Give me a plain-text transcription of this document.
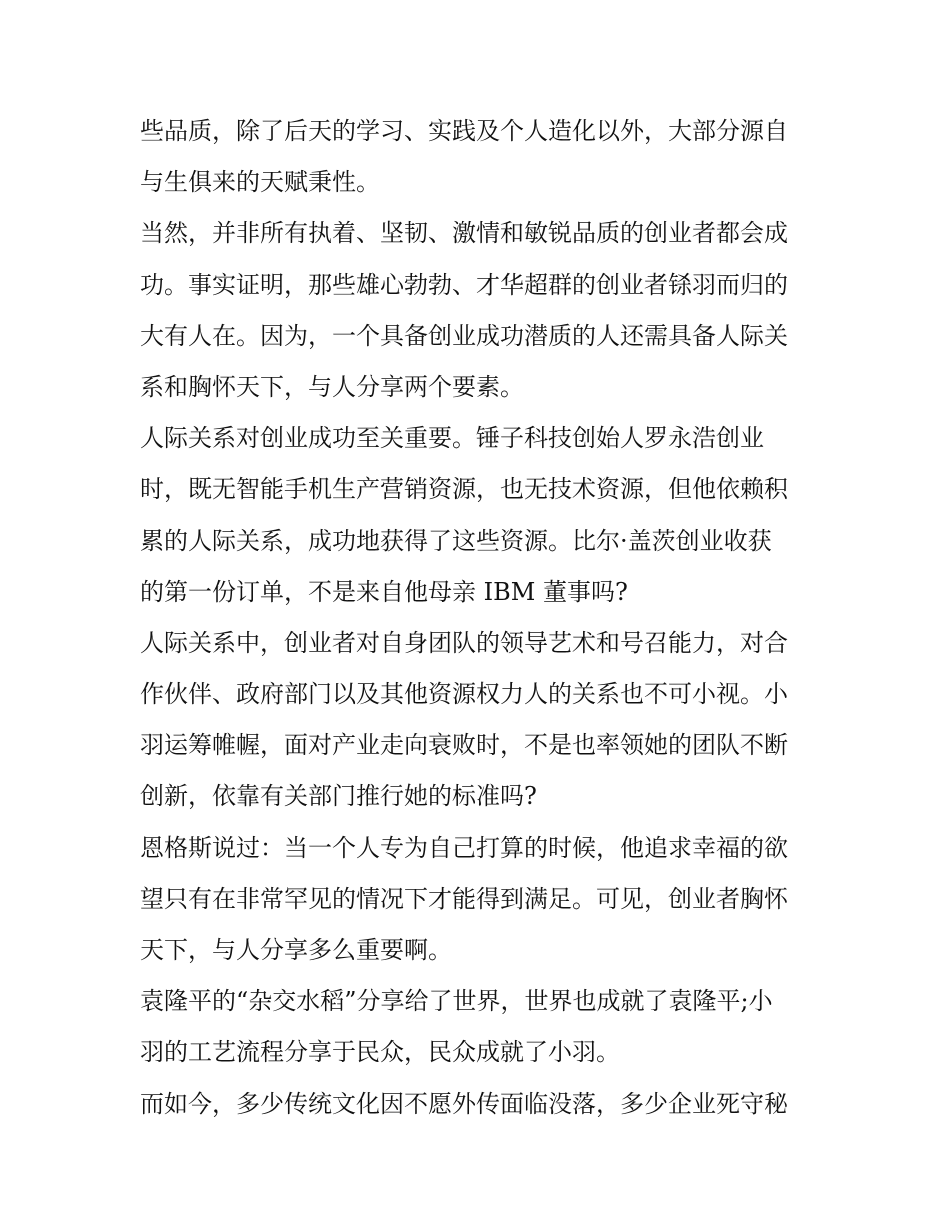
些品质，除了后天的学习、实践及个人造化以外，大部分源自
与生俱来的天赋秉性。
当然，并非所有执着、坚韧、激情和敏锐品质的创业者都会成
功。事实证明，那些雄心勃勃、才华超群的创业者铩羽而归的
大有人在。因为，一个具备创业成功潜质的人还需具备人际关
系和胸怀天下，与人分享两个要素。
人际关系对创业成功至关重要。锤子科技创始人罗永浩创业
时，既无智能手机生产营销资源，也无技术资源，但他依赖积
累的人际关系，成功地获得了这些资源。比尔·盖茨创业收获
的第一份订单，不是来自他母亲 IBM 董事吗?
人际关系中，创业者对自身团队的领导艺术和号召能力，对合
作伙伴、政府部门以及其他资源权力人的关系也不可小视。小
羽运筹帷幄，面对产业走向衰败时，不是也率领她的团队不断
创新，依靠有关部门推行她的标准吗?
恩格斯说过：当一个人专为自己打算的时候，他追求幸福的欲
望只有在非常罕见的情况下才能得到满足。可见，创业者胸怀
天下，与人分享多么重要啊。
袁隆平的“杂交水稻”分享给了世界，世界也成就了袁隆平;小
羽的工艺流程分享于民众，民众成就了小羽。
而如今，多少传统文化因不愿外传面临没落，多少企业死守秘
